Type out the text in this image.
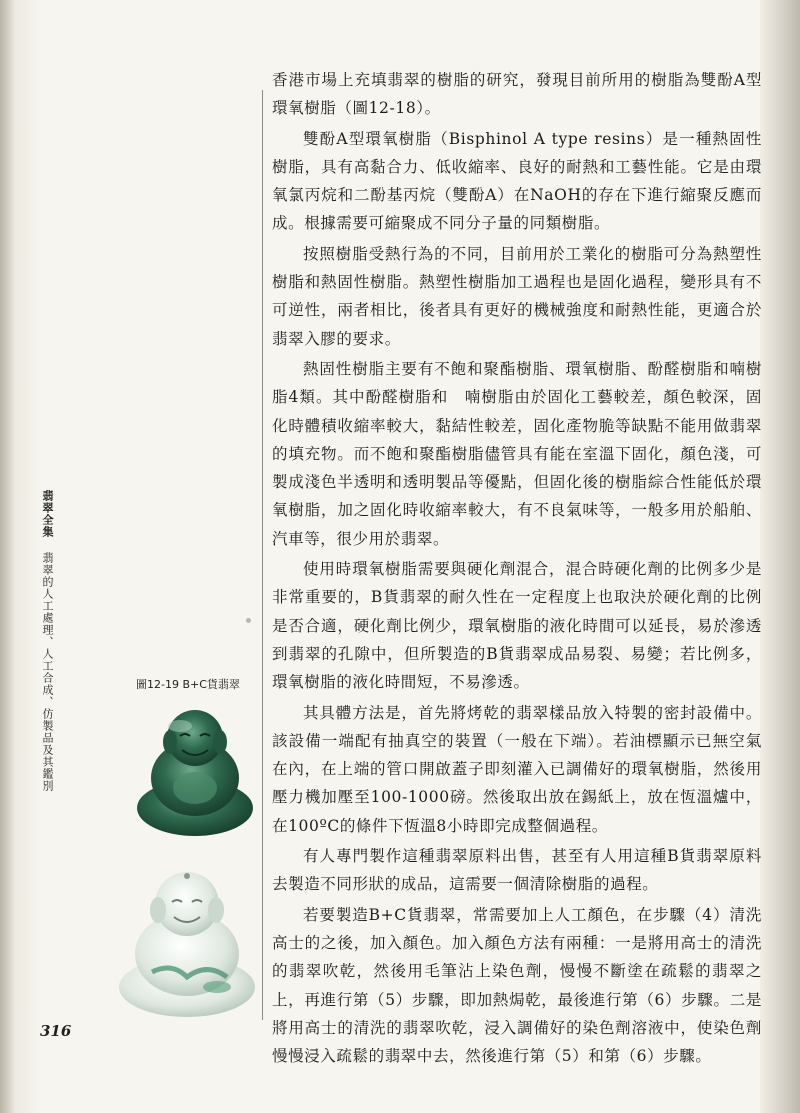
香港市場上充填翡翠的樹脂的研究，發現目前所用的樹脂為雙酚A型環氧樹脂（圖12-18）。

雙酚A型環氧樹脂（Bisphinol A type resins）是一種熱固性樹脂，具有高黏合力、低收縮率、良好的耐熱和工藝性能。它是由環氧氯丙烷和二酚基丙烷（雙酚A）在NaOH的存在下進行縮聚反應而成。根據需要可縮聚成不同分子量的同類樹脂。

按照樹脂受熱行為的不同，目前用於工業化的樹脂可分為熱塑性樹脂和熱固性樹脂。熱塑性樹脂加工過程也是固化過程，變形具有不可逆性，兩者相比，後者具有更好的機械強度和耐熱性能，更適合於翡翠入膠的要求。

熱固性樹脂主要有不飽和聚酯樹脂、環氧樹脂、酚醛樹脂和喃樹脂4類。其中酚醛樹脂和　喃樹脂由於固化工藝較差，顏色較深，固化時體積收縮率較大，黏結性較差，固化產物脆等缺點不能用做翡翠的填充物。而不飽和聚酯樹脂儘管具有能在室溫下固化，顏色淺，可製成淺色半透明和透明製品等優點，但固化後的樹脂綜合性能低於環氧樹脂，加之固化時收縮率較大，有不良氣味等，一般多用於船舶、汽車等，很少用於翡翠。

使用時環氧樹脂需要與硬化劑混合，混合時硬化劑的比例多少是非常重要的，B貨翡翠的耐久性在一定程度上也取決於硬化劑的比例是否合適，硬化劑比例少，環氧樹脂的液化時間可以延長，易於滲透到翡翠的孔隙中，但所製造的B貨翡翠成品易裂、易變；若比例多，環氧樹脂的液化時間短，不易滲透。

其具體方法是，首先將烤乾的翡翠樣品放入特製的密封設備中。該設備一端配有抽真空的裝置（一般在下端）。若油標顯示已無空氣在內，在上端的管口開啟蓋子即刻灌入已調備好的環氧樹脂，然後用壓力機加壓至100-1000磅。然後取出放在錫紙上，放在恆溫爐中，在100ºC的條件下恆溫8小時即完成整個過程。

有人專門製作這種翡翠原料出售，甚至有人用這種B貨翡翠原料去製造不同形狀的成品，這需要一個清除樹脂的過程。

若要製造B+C貨翡翠，常需要加上人工顏色，在步驟（4）清洗高士的之後，加入顏色。加入顏色方法有兩種：一是將用高士的清洗的翡翠吹乾，然後用毛筆沾上染色劑，慢慢不斷塗在疏鬆的翡翠之上，再進行第（5）步驟，即加熱焗乾，最後進行第（6）步驟。二是將用高士的清洗的翡翠吹乾，浸入調備好的染色劑溶液中，使染色劑慢慢浸入疏鬆的翡翠中去，然後進行第（5）和第（6）步驟。

翡翠全集 翡翠的人工處理、人工合成、仿製品及其鑑別	圖12-19 B+C貨翡翠
316
